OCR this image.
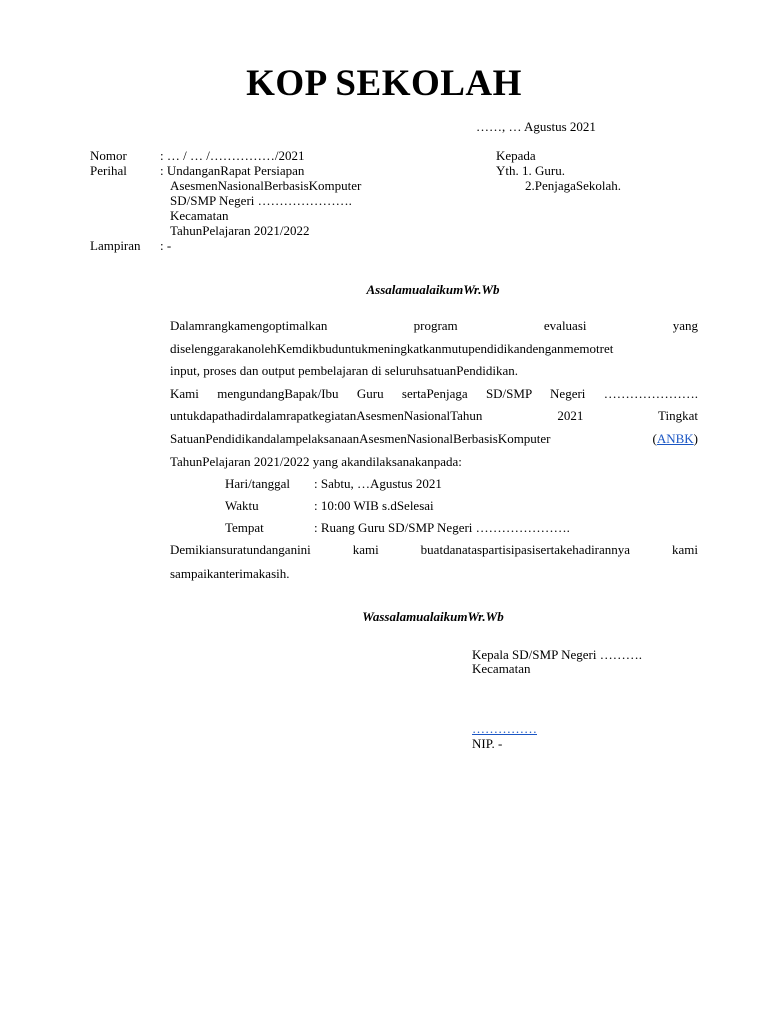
KOP SEKOLAH
……, … Agustus 2021
Nomor	: … / … /……………/2021
Perihal	: UndanganRapat Persiapan
AsesmenNasionalBerbasisKomputer
SD/SMP Negeri ………………….
Kecamatan
TahunPelajaran 2021/2022
Lampiran : -
Kepada
Yth. 1. Guru.
2.PenjagaSekolah.
AssalamualaikumWr.Wb
Dalamrangkamengoptimalkan program evaluasi yang
diselenggarakanolehKemdikbuduntukmeningkatkanmutupendidikandenganmemotret
input, proses dan output pembelajaran di seluruhsatuanPendidikan.
Kami mengundangBapak/Ibu Guru sertaPenjaga SD/SMP Negeri ………………….
untukdapathadirdalamrapatkegiatanAsesmenNasionalTahun 2021 Tingkat
SatuanPendidikandalampelaksanaanAsesmenNasionalBerbasisKomputer	(ANBK)
TahunPelajaran 2021/2022 yang akandilaksanakanpada:
Hari/tanggal : Sabtu, …Agustus 2021
Waktu	: 10:00 WIB s.dSelesai
Tempat	: Ruang Guru SD/SMP Negeri ………………….
Demikiansuratundanganini kami buatdanataspartisipasisertakehadirannya kami
sampaikanterimakasih.
WassalamualaikumWr.Wb
Kepala SD/SMP Negeri ……….
Kecamatan
……………
NIP. -
